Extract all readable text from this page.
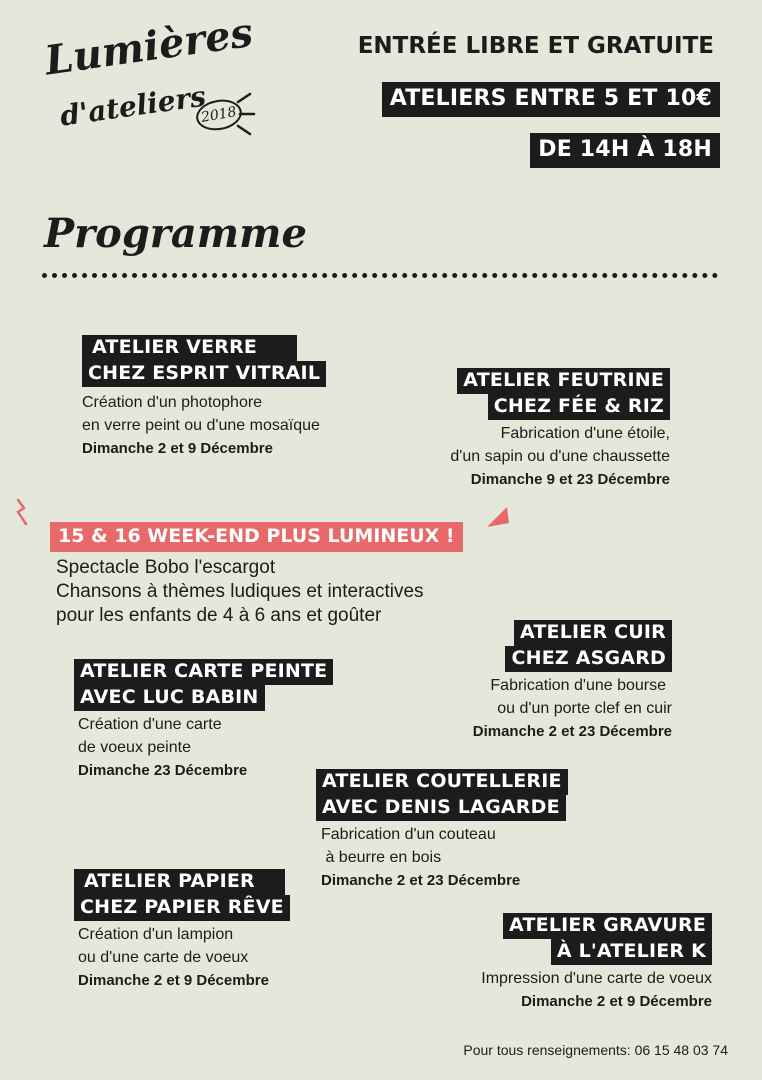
Lumières
d'ateliers
2018
ENTRÉE LIBRE ET GRATUITE
ATELIERS ENTRE 5 ET 10€
DE 14H À 18H
Programme
ATELIER VERRE
CHEZ ESPRIT VITRAIL
Création d'un photophore
en verre peint ou d'une mosaïque
Dimanche 2 et 9 Décembre
ATELIER FEUTRINE
CHEZ FÉE & RIZ
Fabrication d'une étoile,
d'un sapin ou d'une chaussette
Dimanche 9 et 23 Décembre
15 & 16 WEEK-END PLUS LUMINEUX !
Spectacle Bobo l'escargot
Chansons à thèmes ludiques et interactives
pour les enfants de 4 à 6 ans et goûter
ATELIER CUIR
CHEZ ASGARD
Fabrication d'une bourse
ou d'un porte clef en cuir
Dimanche 2 et 23 Décembre
ATELIER CARTE PEINTE
AVEC LUC BABIN
Création d'une carte
de voeux peinte
Dimanche 23 Décembre	ATELIER COUTELLERIE
AVEC DENIS LAGARDE
Fabrication d'un couteau
à beurre en bois
Dimanche 2 et 23 Décembre
ATELIER PAPIER
CHEZ PAPIER RÊVE
Création d'un lampion
ou d'une carte de voeux
Dimanche 2 et 9 Décembre
ATELIER GRAVURE
À L'ATELIER K
Impression d'une carte de voeux
Dimanche 2 et 9 Décembre
Pour tous renseignements: 06 15 48 03 74
